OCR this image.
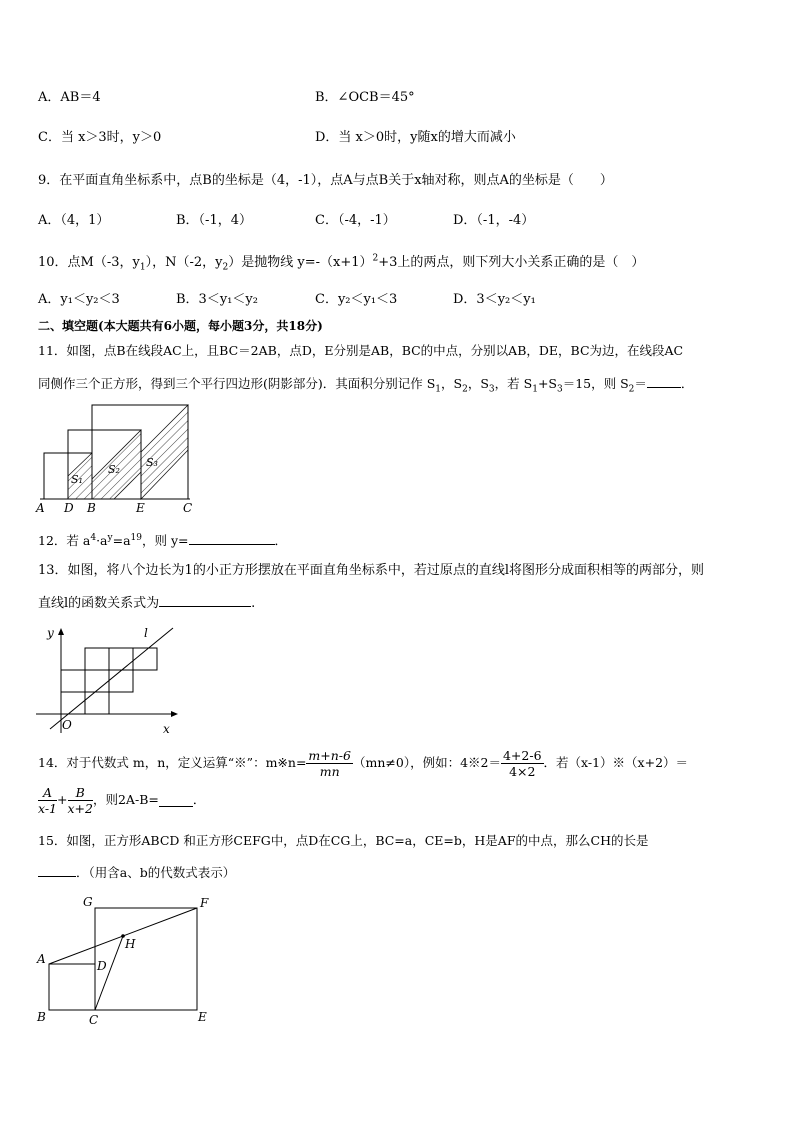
A．AB＝4	B．∠OCB＝45°
C．当 x＞3时，y＞0	D．当 x＞0时，y随x的增大而减小
9．在平面直角坐标系中，点B的坐标是（4，-1），点A与点B关于x轴对称，则点A的坐标是（　　）
A．（4，1）	B．（-1，4）	C．（-4，-1）	D．（-1，-4）
10．点M（-3，$y_1$），N（-2，$y_2$）是抛物线 $y=-(x+1)^2+3$上的两点，则下列大小关系正确的是（　）
A．y₁＜y₂＜3	B．3＜y₁＜y₂	C．y₂＜y₁＜3	D．3＜y₂＜y₁
二、填空题(本大题共有6小题，每小题3分，共18分)
11．如图，点B在线段AC上，且BC＝2AB，点D，E分别是AB，BC的中点，分别以AB，DE，BC为边，在线段AC
同侧作三个正方形，得到三个平行四边形(阴影部分)．其面积分别记作 $S_1$，$S_2$，$S_3$，若 $S_1+S_3=15$，则 $S_2=$	．
A D B	E	C
S₁
S₂
S₃
12．若 $a^4\cdot a^y=a^{19}$，则 y=	．
13．如图，将八个边长为1的小正方形摆放在平面直角坐标系中，若过原点的直线l将图形分成面积相等的两部分，则
直线l的函数关系式为	.
y	l
O	x
14．对于代数式 m，n，定义运算“※”：m※n= $\frac{m+n-6}{mn} (mn\ne 0)$，例如：4※2＝ $\frac{4+2-6}{4\times 2}$ ．若（x-1）※（x+2）＝
$\frac{A}{x-1} + \frac{B}{x+2}$ ，则2A-B=	．
15．如图，正方形ABCD 和正方形CEFG中，点D在CG上，BC=a，CE=b，H是AF的中点，那么CH的长是
．（用含a、b的代数式表示）
G	F
H
A	D
B	C	E
